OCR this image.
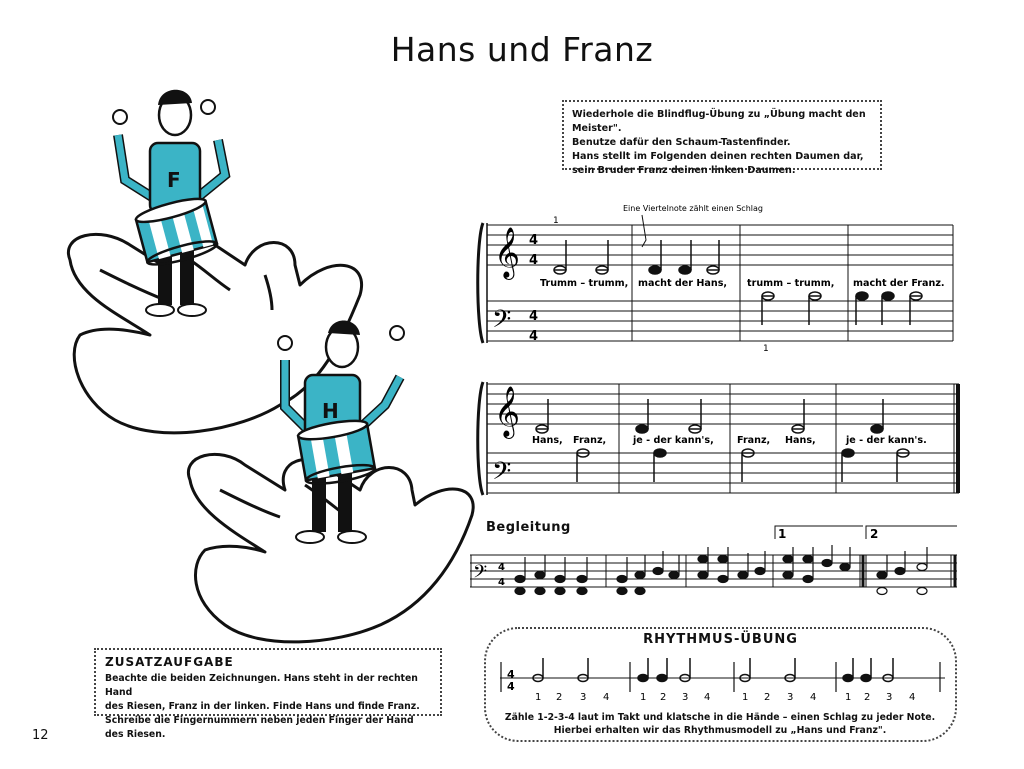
Hans und Franz
Wiederhole die Blindflug-Übung zu „Übung macht den Meister".
Benutze dafür den Schaum-Tastenfinder.
Hans stellt im Folgenden deinen rechten Daumen dar,
sein Bruder Franz deinen linken Daumen.
F
H
Eine Viertelnote zählt einen Schlag
1
1
𝄞
𝄢
4
4
4
4
Trumm – trumm, macht der Hans, trumm – trumm, macht der Franz.
𝄞
𝄢
Hans, Franz,	je - der kann's, Franz, Hans,	je - der kann's.
1	2
𝄢 4
4
Begleitung
RHYTHMUS-ÜBUNG
4
4
1 2 3 4	1 2 3 4	1 2 3 4	1 2 3 4
Zähle 1-2-3-4 laut im Takt und klatsche in die Hände – einen Schlag zu jeder Note.
Hierbei erhalten wir das Rhythmusmodell zu „Hans und Franz".
ZUSATZAUFGABE
Beachte die beiden Zeichnungen. Hans steht in der rechten Hand
des Riesen, Franz in der linken. Finde Hans und finde Franz.
Schreibe die Fingernummern neben jeden Finger der Hand des Riesen.
12
